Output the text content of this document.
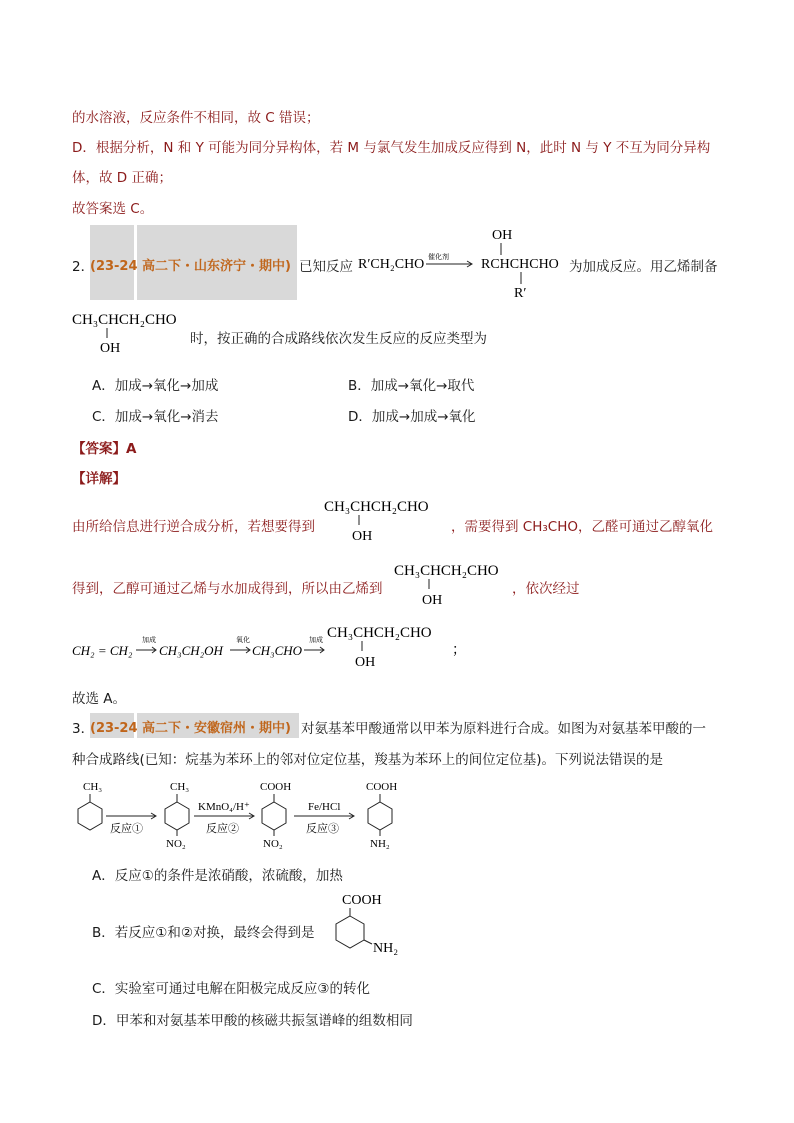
的水溶液，反应条件不相同，故 C 错误；
D．根据分析，N 和 Y 可能为同分异构体，若 M 与氯气发生加成反应得到 N，此时 N 与 Y 不互为同分异构
体，故 D 正确；
故答案选 C。
2．
(23-24 高二下・山东济宁・期中) 已知反应 R′CH₂CHO 催化剂
OH
RCHCHCHO
R′
为加成反应。用乙烯制备
CH₃CHCH₂CHO
OH
时，按正确的合成路线依次发生反应的反应类型为
A．加成→氧化→加成	B．加成→氧化→取代
C．加成→氧化→消去	D．加成→加成→氧化
【答案】A
【详解】
由所给信息进行逆合成分析，若想要得到
CH₃CHCH₂CHO
OH
，需要得到 CH₃CHO，乙醛可通过乙醇氧化
得到，乙醇可通过乙烯与水加成得到，所以由乙烯到
CH₃CHCH₂CHO
OH
，依次经过
CH₂ = CH₂
加成
CH₃CH₂OH
氧化
CH₃CHO
加成 CH₃CHCH₂CHO
OH
；
故选 A。
3．
(23-24 高二下・安徽宿州・期中) 对氨基苯甲酸通常以甲苯为原料进行合成。如图为对氨基苯甲酸的一
种合成路线(已知：烷基为苯环上的邻对位定位基，羧基为苯环上的间位定位基)。下列说法错误的是
CH₃
反应①
CH₃
NO₂
KMnO₄/H⁺
反应②
COOH
NO₂
Fe/HCl
反应③
COOH
NH₂
A．反应①的条件是浓硝酸，浓硫酸，加热
B．若反应①和②对换，最终会得到是
COOH
NH₂
C．实验室可通过电解在阳极完成反应③的转化
D．甲苯和对氨基苯甲酸的核磁共振氢谱峰的组数相同
